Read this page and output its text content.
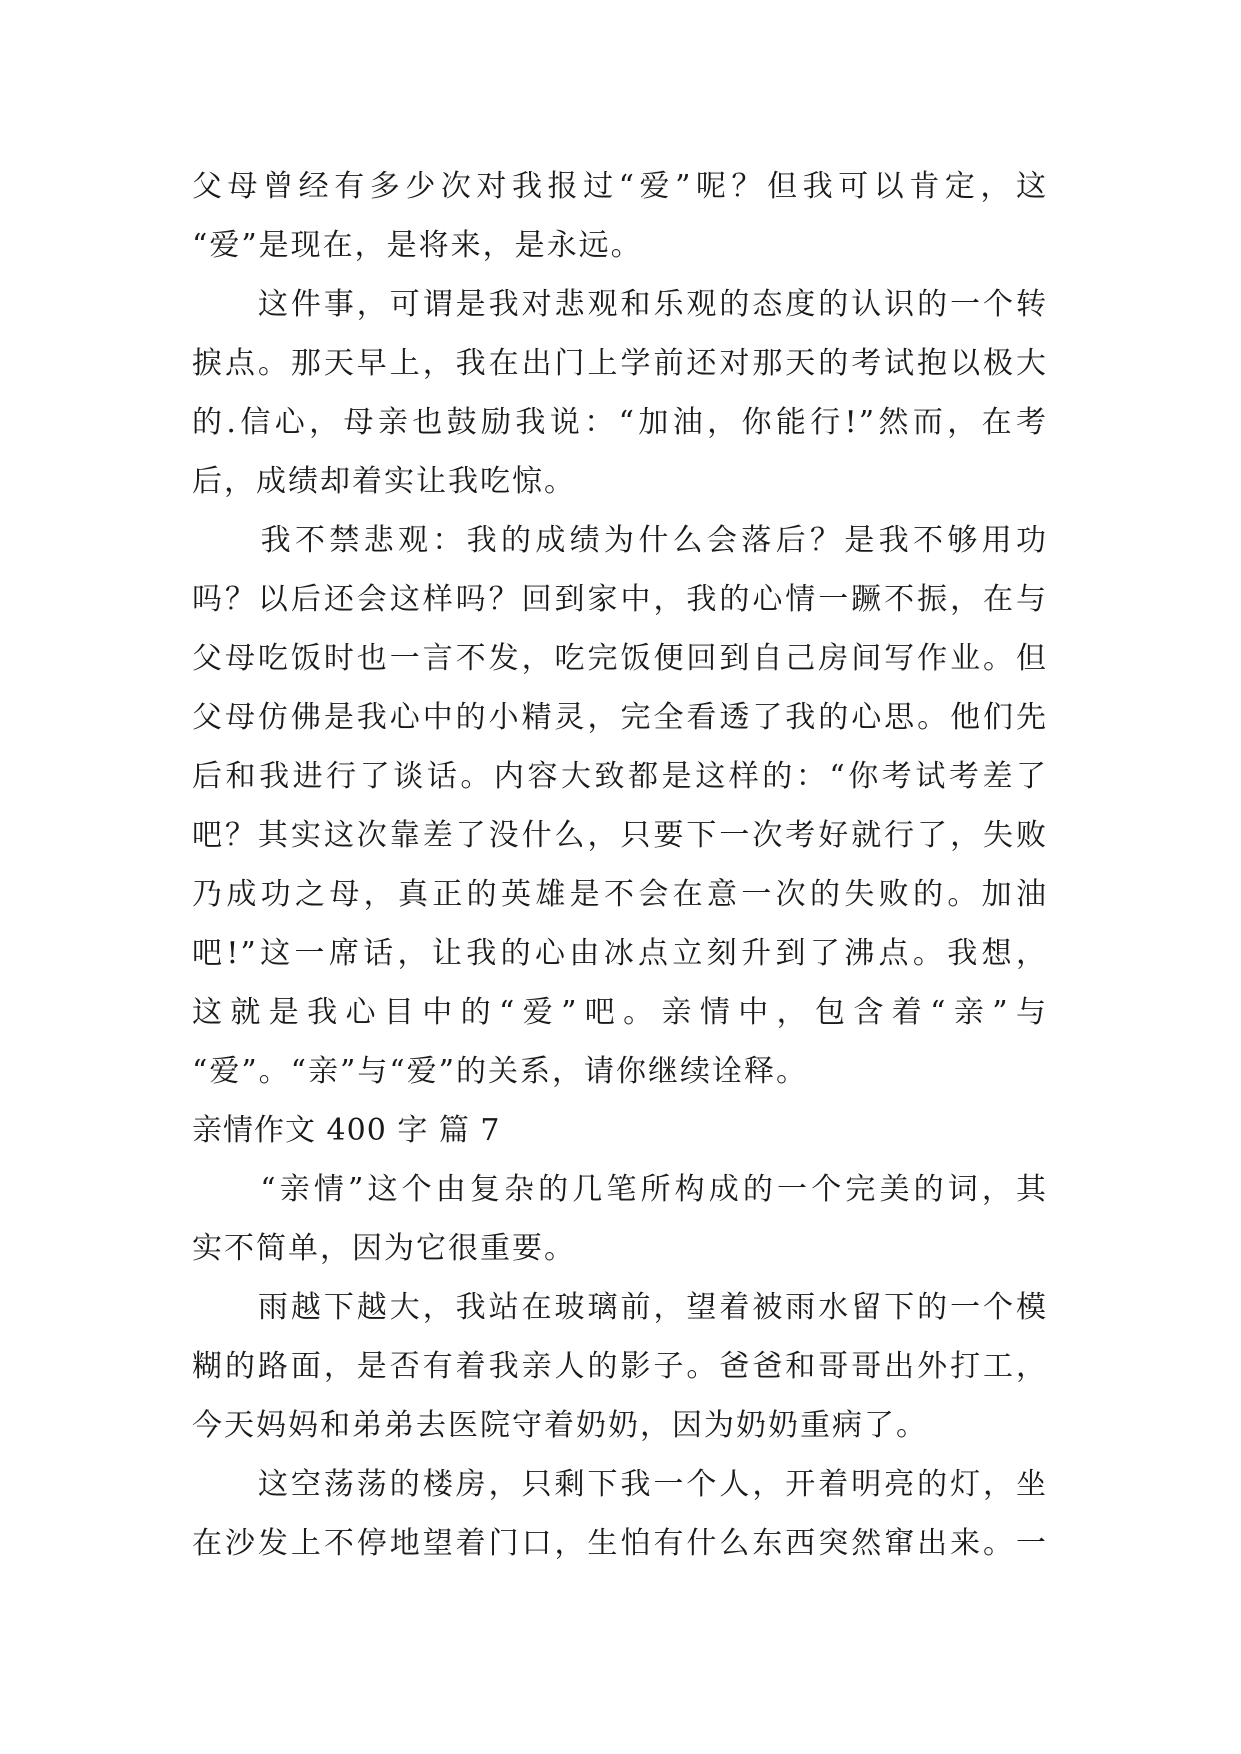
父母曾经有多少次对我报过“爱”呢？但我可以肯定，这
“爱”是现在，是将来，是永远。
　　这件事，可谓是我对悲观和乐观的态度的认识的一个转
捩点。那天早上，我在出门上学前还对那天的考试抱以极大
的.信心，母亲也鼓励我说：“加油，你能行!”然而，在考
后，成绩却着实让我吃惊。
　　我不禁悲观：我的成绩为什么会落后？是我不够用功
吗？以后还会这样吗？回到家中，我的心情一蹶不振，在与
父母吃饭时也一言不发，吃完饭便回到自己房间写作业。但
父母仿佛是我心中的小精灵，完全看透了我的心思。他们先
后和我进行了谈话。内容大致都是这样的：“你考试考差了
吧？其实这次靠差了没什么，只要下一次考好就行了，失败
乃成功之母，真正的英雄是不会在意一次的失败的。加油
吧!”这一席话，让我的心由冰点立刻升到了沸点。我想，
这就是我心目中的“爱”吧。亲情中，包含着“亲”与
“爱”。“亲”与“爱”的关系，请你继续诠释。
亲情作文 400 字 篇 7
　　“亲情”这个由复杂的几笔所构成的一个完美的词，其
实不简单，因为它很重要。
　　雨越下越大，我站在玻璃前，望着被雨水留下的一个模
糊的路面，是否有着我亲人的影子。爸爸和哥哥出外打工，
今天妈妈和弟弟去医院守着奶奶，因为奶奶重病了。
　　这空荡荡的楼房，只剩下我一个人，开着明亮的灯，坐
在沙发上不停地望着门口，生怕有什么东西突然窜出来。一
